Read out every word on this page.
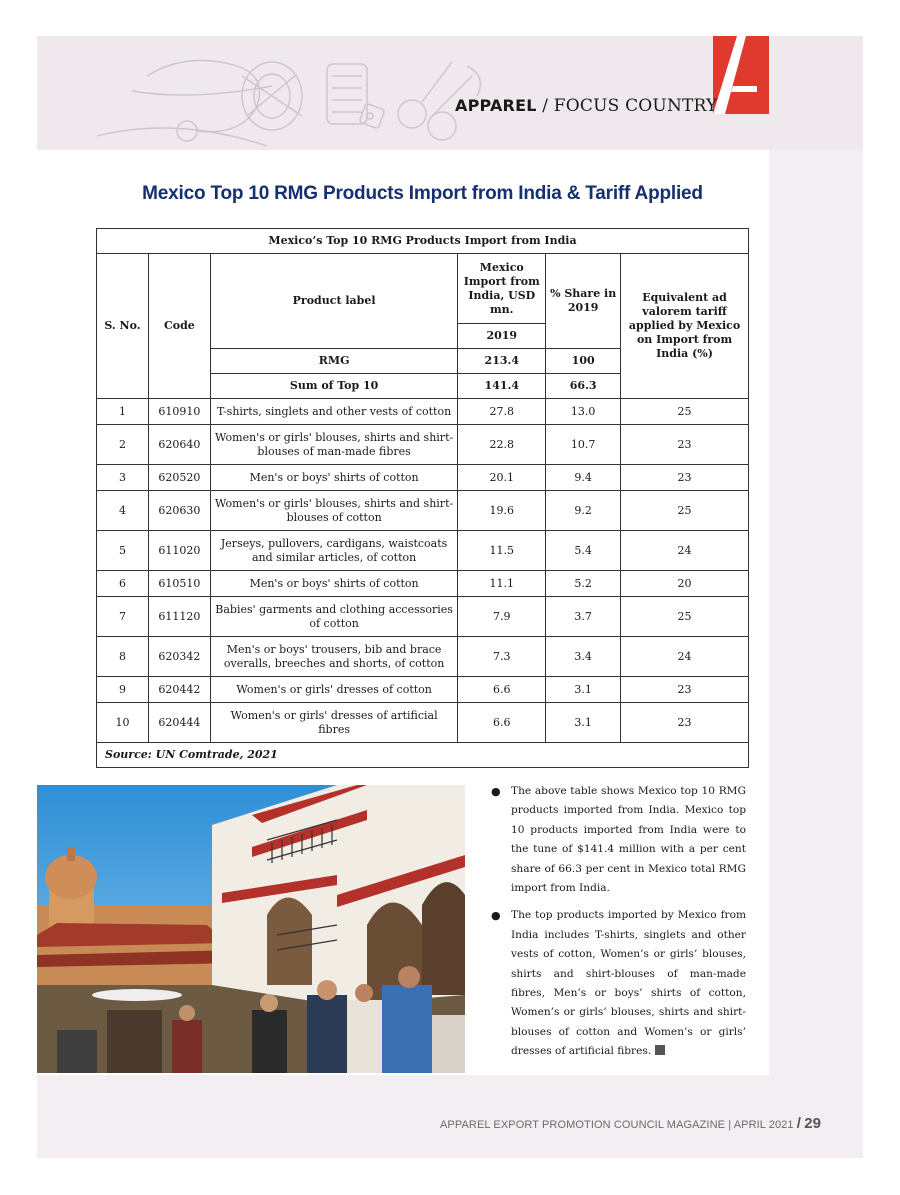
APPAREL / FOCUS COUNTRY
Mexico Top 10 RMG Products Import from India & Tariff Applied
Mexico’s Top 10 RMG Products Import from India					
S. No.	Code	Product label	Mexico Import from India, USD mn.	% Share in 2019	Equivalent ad valorem tariff applied by Mexico on Import from India (%)
			2019		

		RMG	213.4	100	
		Sum of Top 10	141.4	66.3	
1	610910	T-shirts, singlets and other vests of cotton	27.8	13.0	25
2	620640	Women's or girls' blouses, shirts and shirt-blouses of man-made fibres	22.8	10.7	23
3	620520	Men's or boys' shirts of cotton	20.1	9.4	23
4	620630	Women's or girls' blouses, shirts and shirt-blouses of cotton	19.6	9.2	25
5	611020	Jerseys, pullovers, cardigans, waistcoats and similar articles, of cotton	11.5	5.4	24
6	610510	Men's or boys' shirts of cotton	11.1	5.2	20
7	611120	Babies' garments and clothing accessories of cotton	7.9	3.7	25
8	620342	Men's or boys' trousers, bib and brace overalls, breeches and shorts, of cotton	7.3	3.4	24
9	620442	Women's or girls' dresses of cotton	6.6	3.1	23
10	620444	Women's or girls' dresses of artificial fibres	6.6	3.1	23
Source: UN Comtrade, 2021					
● The above table shows Mexico top 10 RMG products imported from India. Mexico top 10 products imported from India were to the tune of $141.4 million with a per cent share of 66.3 per cent in Mexico total RMG import from India.
● The top products imported by Mexico from India includes T-shirts, singlets and other vests of cotton, Women’s or girls’ blouses, shirts and shirt-blouses of man-made fibres, Men’s or boys’ shirts of cotton, Women’s or girls’ blouses, shirts and shirt-blouses of cotton and Women’s or girls’ dresses of artificial fibres.
APPAREL EXPORT PROMOTION COUNCIL MAGAZINE | APRIL 2021 / 29
